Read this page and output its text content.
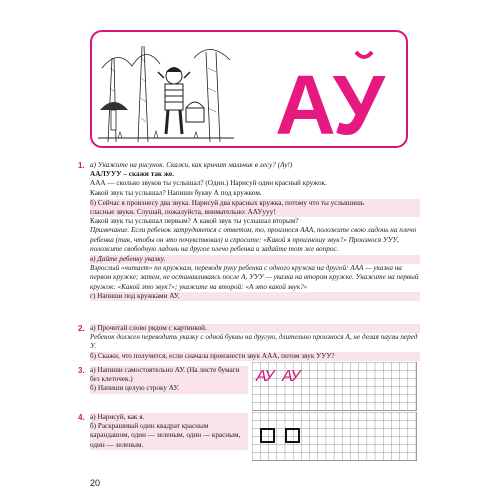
АУ
1. а) Укажите на рисунок. Скажи, как кричит мальчик в лесу? (Ау!)

ААЛУУУ – скажи так же.

ААА — сколько звуков ты услышал? (Один.) Нарисуй один красный кружок.

Какой звук ты услышал? Напиши букву А под кружком.

б) Сейчас я произнесу два звука. Нарисуй два красных кружка, потому что ты услышишь

гласные звуки. Слушай, пожалуйста, внимательно: ААУууу!

Какой звук ты услышал первым? А какой звук ты услышал вторым?

Примечание. Если ребенок затрудняется с ответом, то, произнося ААА, положите свою ладонь на плечо ребенка (так, чтобы он это почувствовал) и спросите: «Какой я произношу звук?» Произнося УУУ, положите свободную ладонь на другое плечо ребенка и задайте тот же вопрос.

в) Дайте ребенку указку.

Взрослый «читает» по кружкам, переводя руку ребенка с одного кружка на другой: ААА — указка на первом кружке; затем, не останавливаясь после А, УУУ — указка на втором кружке. Укажите на первый кружок: «Какой это звук?»; укажите на второй: «А это какой звук?»

г) Напиши под кружками АУ.

2. а) Прочитай слово рядом с картинкой.

Ребенок должен переводить указку с одной буквы на другую, длительно произнося А, не делая паузы перед У.

б) Скажи, что получится, если сначала произнести звук ААА, потом звук УУУ?

3. а) Напиши самостоятельно АУ. (На листе бумаги без клеточек.)

б) Напиши целую строку АУ.

АУ АУ
4. а) Нарисуй, как я.

б) Раскрашивай один квадрат красным карандашом, один — зеленым, один — красным, один — зеленым.

20
